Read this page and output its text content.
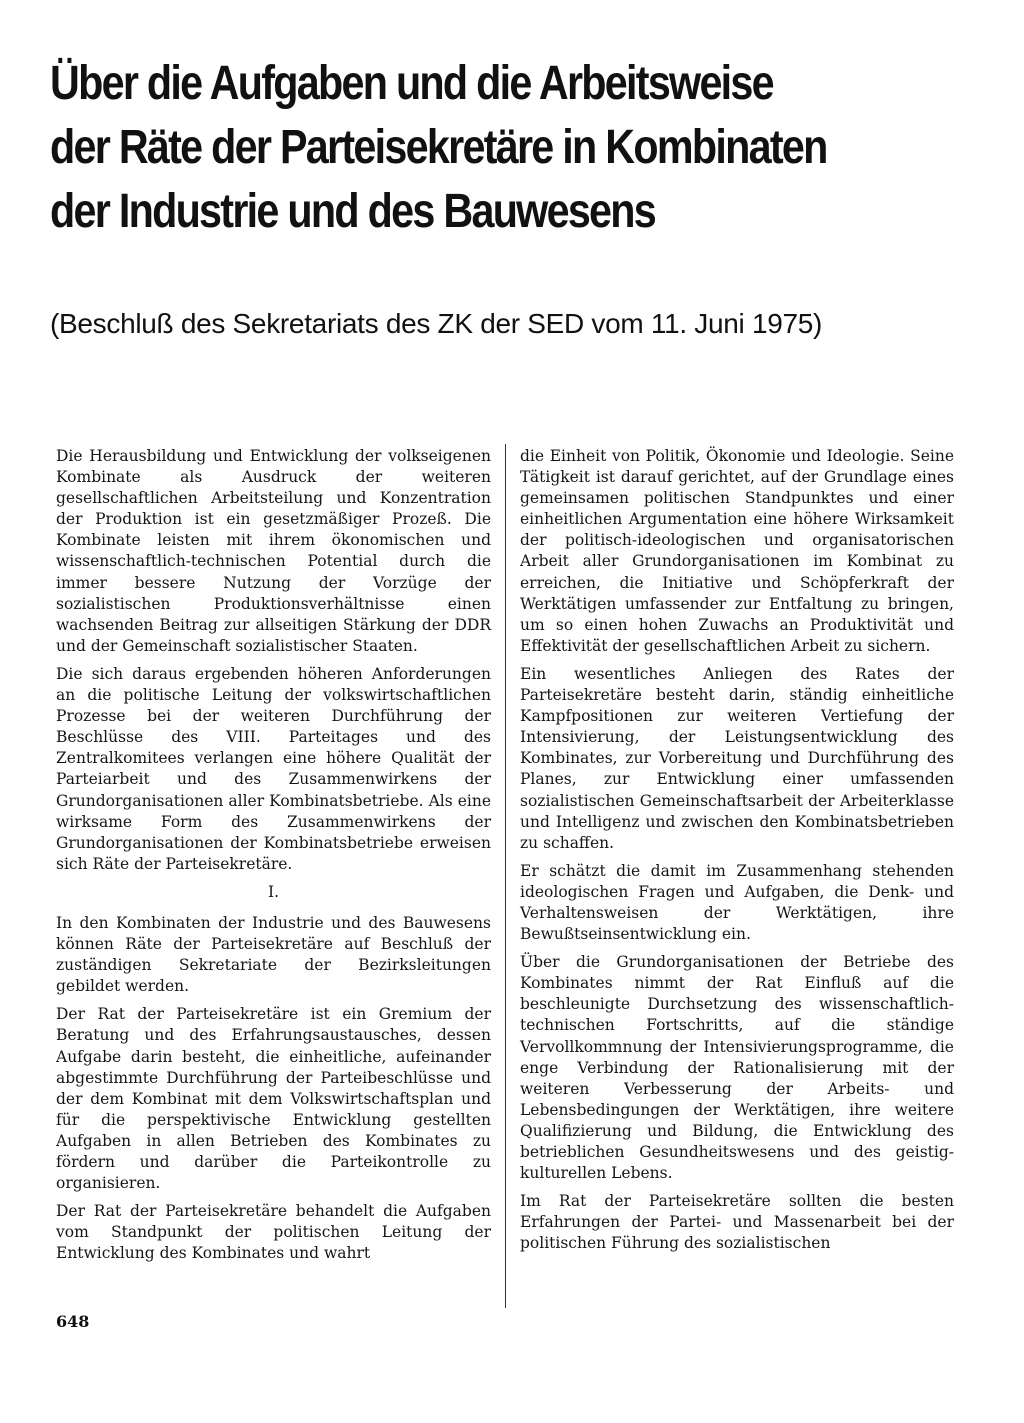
Über die Aufgaben und die Arbeitsweise
der Räte der Parteisekretäre in Kombinaten
der Industrie und des Bauwesens
(Beschluß des Sekretariats des ZK der SED vom 11. Juni 1975)

Die Herausbildung und Entwicklung der volkseigenen Kombinate als Ausdruck der weiteren gesellschaftlichen Arbeitsteilung und Konzentration der Produktion ist ein gesetzmäßiger Prozeß. Die Kombinate leisten mit ihrem ökonomischen und wissenschaftlich-technischen Potential durch die immer bessere Nutzung der Vorzüge der sozialistischen Produktionsverhältnisse einen wachsenden Beitrag zur allseitigen Stärkung der DDR und der Gemeinschaft sozialistischer Staaten.

Die sich daraus ergebenden höheren Anforderungen an die politische Leitung der volkswirtschaftlichen Prozesse bei der weiteren Durchführung der Beschlüsse des VIII. Parteitages und des Zentralkomitees verlangen eine höhere Qualität der Parteiarbeit und des Zusammenwirkens der Grundorganisationen aller Kombinatsbetriebe. Als eine wirksame Form des Zusammenwirkens der Grundorganisationen der Kombinatsbetriebe erweisen sich Räte der Parteisekretäre.

I.

In den Kombinaten der Industrie und des Bauwesens können Räte der Parteisekretäre auf Beschluß der zuständigen Sekretariate der Bezirksleitungen gebildet werden.

Der Rat der Parteisekretäre ist ein Gremium der Beratung und des Erfahrungsaustausches, dessen Aufgabe darin besteht, die einheitliche, aufeinander abgestimmte Durchführung der Parteibeschlüsse und der dem Kombinat mit dem Volkswirtschaftsplan und für die perspektivische Entwicklung gestellten Aufgaben in allen Betrieben des Kombinates zu fördern und darüber die Parteikontrolle zu organisieren.

Der Rat der Parteisekretäre behandelt die Aufgaben vom Standpunkt der politischen Leitung der Entwicklung des Kombinates und wahrt

die Einheit von Politik, Ökonomie und Ideologie. Seine Tätigkeit ist darauf gerichtet, auf der Grundlage eines gemeinsamen politischen Standpunktes und einer einheitlichen Argumentation eine höhere Wirksamkeit der politisch-ideologischen und organisatorischen Arbeit aller Grundorganisationen im Kombinat zu erreichen, die Initiative und Schöpferkraft der Werktätigen umfassender zur Entfaltung zu bringen, um so einen hohen Zuwachs an Produktivität und Effektivität der gesellschaftlichen Arbeit zu sichern.

Ein wesentliches Anliegen des Rates der Parteisekretäre besteht darin, ständig einheitliche Kampfpositionen zur weiteren Vertiefung der Intensivierung, der Leistungsentwicklung des Kombinates, zur Vorbereitung und Durchführung des Planes, zur Entwicklung einer umfassenden sozialistischen Gemeinschaftsarbeit der Arbeiterklasse und Intelligenz und zwischen den Kombinatsbetrieben zu schaffen.

Er schätzt die damit im Zusammenhang stehenden ideologischen Fragen und Aufgaben, die Denk- und Verhaltensweisen der Werktätigen, ihre Bewußtseinsentwicklung ein.

Über die Grundorganisationen der Betriebe des Kombinates nimmt der Rat Einfluß auf die beschleunigte Durchsetzung des wissenschaftlich-technischen Fortschritts, auf die ständige Vervollkommnung der Intensivierungsprogramme, die enge Verbindung der Rationalisierung mit der weiteren Verbesserung der Arbeits- und Lebensbedingungen der Werktätigen, ihre weitere Qualifizierung und Bildung, die Entwicklung des betrieblichen Gesundheitswesens und des geistig-kulturellen Lebens.

Im Rat der Parteisekretäre sollten die besten Erfahrungen der Partei- und Massenarbeit bei der politischen Führung des sozialistischen

648
